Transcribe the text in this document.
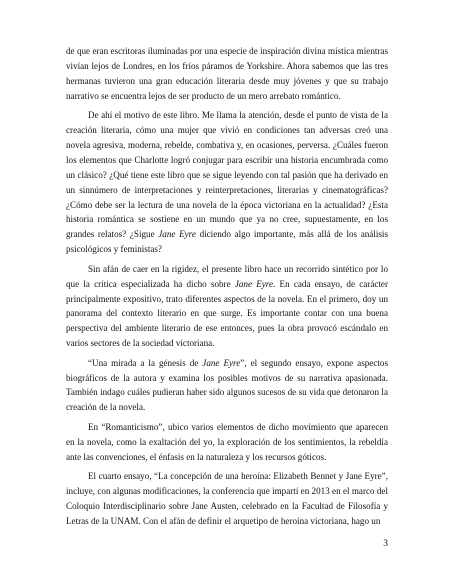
de que eran escritoras iluminadas por una especie de inspiración divina mística mientras vivían lejos de Londres, en los fríos páramos de Yorkshire. Ahora sabemos que las tres hermanas tuvieron una gran educación literaria desde muy jóvenes y que su trabajo narrativo se encuentra lejos de ser producto de un mero arrebato romántico.

De ahí el motivo de este libro. Me llama la atención, desde el punto de vista de la creación literaria, cómo una mujer que vivió en condiciones tan adversas creó una novela agresiva, moderna, rebelde, combativa y, en ocasiones, perversa. ¿Cuáles fueron los elementos que Charlotte logró conjugar para escribir una historia encumbrada como un clásico? ¿Qué tiene este libro que se sigue leyendo con tal pasión que ha derivado en un sinnúmero de interpretaciones y reinterpretaciones, literarias y cinematográficas? ¿Cómo debe ser la lectura de una novela de la época victoriana en la actualidad? ¿Esta historia romántica se sostiene en un mundo que ya no cree, supuestamente, en los grandes relatos? ¿Sigue Jane Eyre diciendo algo importante, más allá de los análisis psicológicos y feministas?

Sin afán de caer en la rigidez, el presente libro hace un recorrido sintético por lo que la crítica especializada ha dicho sobre Jane Eyre. En cada ensayo, de carácter principalmente expositivo, trato diferentes aspectos de la novela. En el primero, doy un panorama del contexto literario en que surge. Es importante contar con una buena perspectiva del ambiente literario de ese entonces, pues la obra provocó escándalo en varios sectores de la sociedad victoriana.

“Una mirada a la génesis de Jane Eyre”, el segundo ensayo, expone aspectos biográficos de la autora y examina los posibles motivos de su narrativa apasionada. También indago cuáles pudieran haber sido algunos sucesos de su vida que detonaron la creación de la novela.

En “Romanticismo”, ubico varios elementos de dicho movimiento que aparecen en la novela, como la exaltación del yo, la exploración de los sentimientos, la rebeldía ante las convenciones, el énfasis en la naturaleza y los recursos góticos.

El cuarto ensayo, “La concepción de una heroína: Elizabeth Bennet y Jane Eyre”, incluye, con algunas modificaciones, la conferencia que impartí en 2013 en el marco del Coloquio Interdisciplinario sobre Jane Austen, celebrado en la Facultad de Filosofía y Letras de la UNAM. Con el afán de definir el arquetipo de heroína victoriana, hago un

3
